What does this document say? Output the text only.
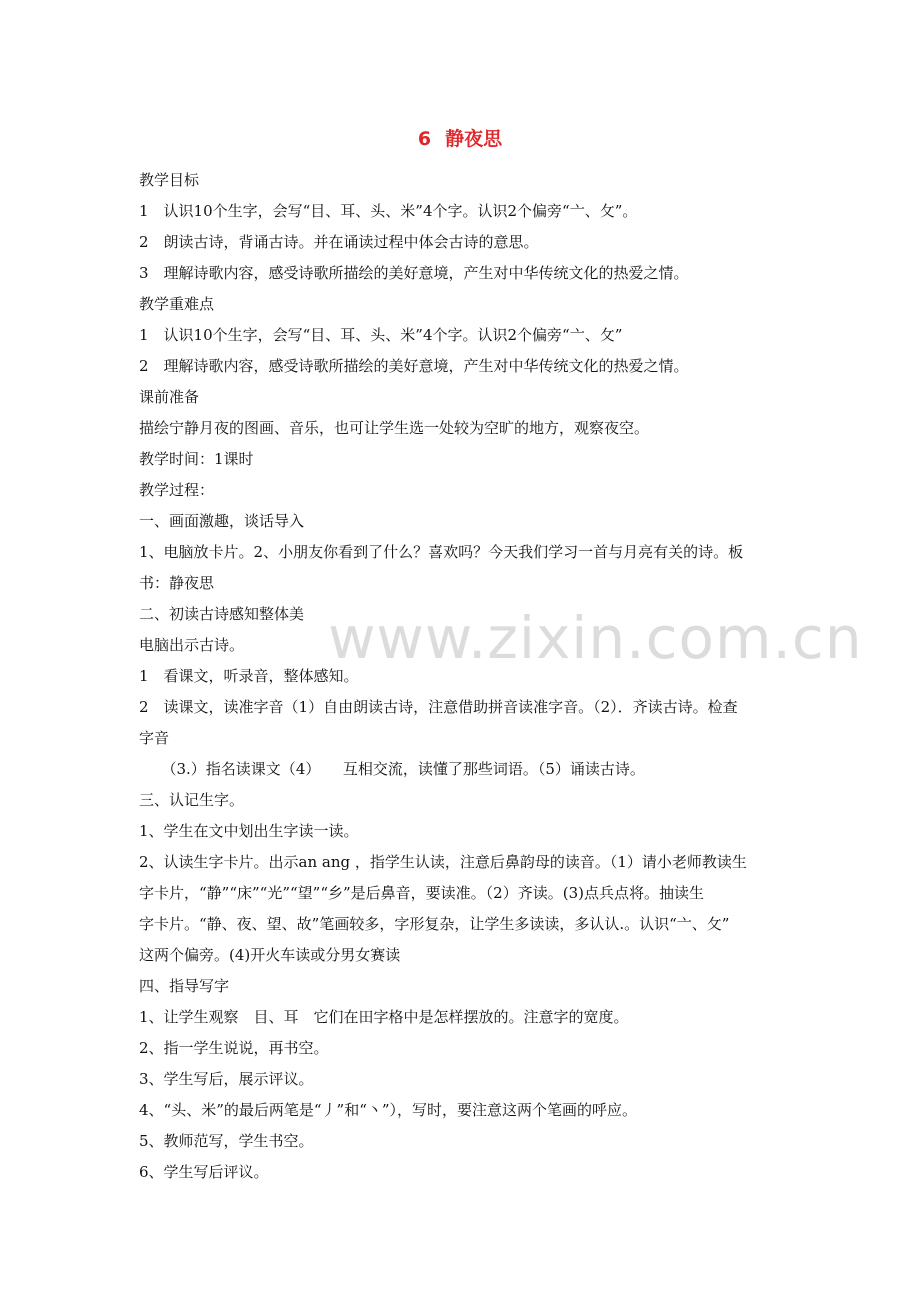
6 静夜思
www.zixin.com.cn
教学目标
1　认识10个生字，会写“目、耳、头、米”4个字。认识2个偏旁“亠、攵”。
2　朗读古诗，背诵古诗。并在诵读过程中体会古诗的意思。
3　理解诗歌内容，感受诗歌所描绘的美好意境，产生对中华传统文化的热爱之情。
教学重难点
1　认识10个生字，会写“目、耳、头、米”4个字。认识2个偏旁“亠、攵”
2　理解诗歌内容，感受诗歌所描绘的美好意境，产生对中华传统文化的热爱之情。
课前准备
描绘宁静月夜的图画、音乐，也可让学生选一处较为空旷的地方，观察夜空。
教学时间：1课时
教学过程：
一、画面激趣，谈话导入
1、电脑放卡片。2、小朋友你看到了什么？喜欢吗？今天我们学习一首与月亮有关的诗。板
书：静夜思
二、初读古诗感知整体美
电脑出示古诗。
1　看课文，听录音，整体感知。
2　读课文，读准字音（1）自由朗读古诗，注意借助拼音读准字音。（2）．齐读古诗。检查
字音
　　（3.）指名读课文（4）　　互相交流，读懂了那些词语。（5）诵读古诗。
三、认记生字。
1、学生在文中划出生字读一读。
2、认读生字卡片。出示an ang ，指学生认读，注意后鼻韵母的读音。（1）请小老师教读生
字卡片，“静”“床”“光”“望”“乡”是后鼻音，要读准。（2）齐读。(3)点兵点将。抽读生
字卡片。“静、夜、望、故”笔画较多，字形复杂，让学生多读读，多认认.。认识“亠、攵”
这两个偏旁。(4)开火车读或分男女赛读
四、指导写字
1、让学生观察　目、耳　它们在田字格中是怎样摆放的。注意字的宽度。
2、指一学生说说，再书空。
3、学生写后，展示评议。
4、“头、米”的最后两笔是“丿”和“丶”），写时，要注意这两个笔画的呼应。
5、教师范写，学生书空。
6、学生写后评议。
